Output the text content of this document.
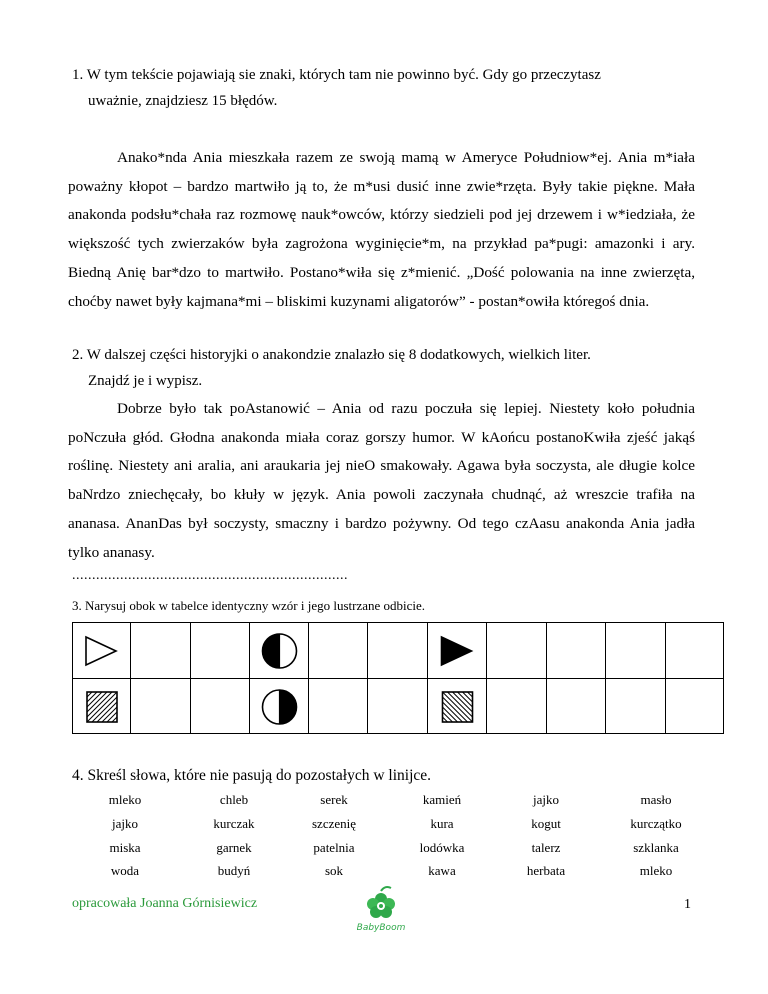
1. W tym tekście pojawiają sie znaki, których tam nie powinno być. Gdy go przeczytasz
uważnie, znajdziesz 15 błędów.
Anako*nda Ania mieszkała razem ze swoją mamą w Ameryce Południow*ej. Ania m*iała poważny kłopot – bardzo martwiło ją to, że m*usi dusić inne zwie*rzęta. Były takie piękne. Mała anakonda podsłu*chała raz rozmowę nauk*owców, którzy siedzieli pod jej drzewem i w*iedziała, że większość tych zwierzaków była zagrożona wyginięcie*m, na przykład pa*pugi: amazonki i ary. Biedną Anię bar*dzo to martwiło. Postano*wiła się z*mienić. „Dość polowania na inne zwierzęta, choćby nawet były kajmana*mi – bliskimi kuzynami aligatorów” - postan*owiła któregoś dnia.
2. W dalszej części historyjki o anakondzie znalazło się 8 dodatkowych, wielkich liter.
Znajdź je i wypisz.
Dobrze było tak poAstanowić – Ania od razu poczuła się lepiej. Niestety koło południa poNczuła głód. Głodna anakonda miała coraz gorszy humor. W kAońcu postanoKwiła zjeść jakąś roślinę. Niestety ani aralia, ani araukaria jej nieO smakowały. Agawa była soczysta, ale długie kolce baNrdzo zniechęcały, bo kłuły w język. Ania powoli zaczynała chudnąć, aż wreszcie trafiła na ananasa. AnanDas był soczysty, smaczny i bardzo pożywny. Od tego czAasu anakonda Ania jadła tylko ananasy.
.....................................................................
3. Narysuj obok w tabelce identyczny wzór i jego lustrzane odbicie.
4. Skreśl słowa, które nie pasują do pozostałych w linijce.
mleko	chleb	serek	kamień	jajko	masło
jajko	kurczak	szczenię	kura	kogut	kurczątko
miska	garnek	patelnia	lodówka	talerz	szklanka
woda	budyń	sok	kawa	herbata	mleko
opracowała Joanna Górnisiewicz
BabyBoom
1
